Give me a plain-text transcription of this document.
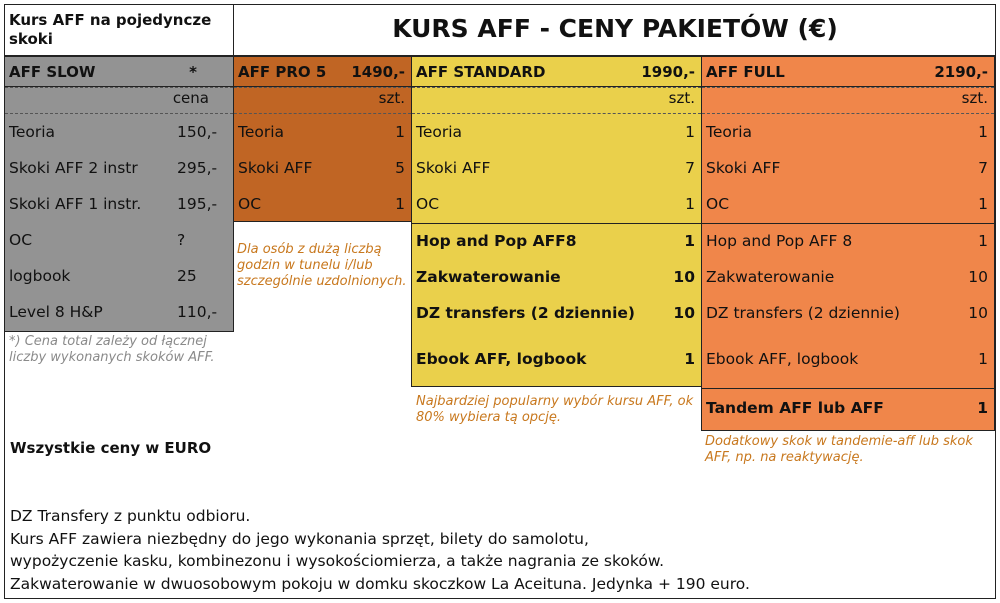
Kurs AFF na pojedyncze skoki	KURS AFF - CENY PAKIETÓW (€)
AFF SLOW	*
cena
Teoria	150,-
Skoki AFF 2 instr	295,-
Skoki AFF 1 instr. 195,-
OC	?
logbook	25
Level 8 H&P	110,-
*) Cena total zależy od łącznej liczby wykonanych skoków AFF.
AFF PRO 5 1490,-
szt.
Teoria	1
Skoki AFF	5
OC	1
Dla osób z dużą liczbą godzin w tunelu i/lub szczególnie uzdolnionych.
AFF STANDARD	1990,-
szt.
Teoria	1
Skoki AFF	7
OC	1
Hop and Pop AFF8	1
Zakwaterowanie	10
DZ transfers (2 dziennie)	10
Ebook AFF, logbook	1
Najbardziej popularny wybór kursu AFF, ok 80% wybiera tą opcję.
AFF FULL	2190,-
szt.
Teoria	1
Skoki AFF	7
OC	1
Hop and Pop AFF 8	1
Zakwaterowanie	10
DZ transfers (2 dziennie)	10
Ebook AFF, logbook	1
Tandem AFF lub AFF	1
Dodatkowy skok w tandemie-aff lub skok AFF, np. na reaktywację.
Wszystkie ceny w EURO
DZ Transfery z punktu odbioru.
Kurs AFF zawiera niezbędny do jego wykonania sprzęt, bilety do samolotu,
wypożyczenie kasku, kombinezonu i wysokościomierza, a także nagrania ze skoków.
Zakwaterowanie w dwuosobowym pokoju w domku skoczkow La Aceituna. Jedynka + 190 euro.
